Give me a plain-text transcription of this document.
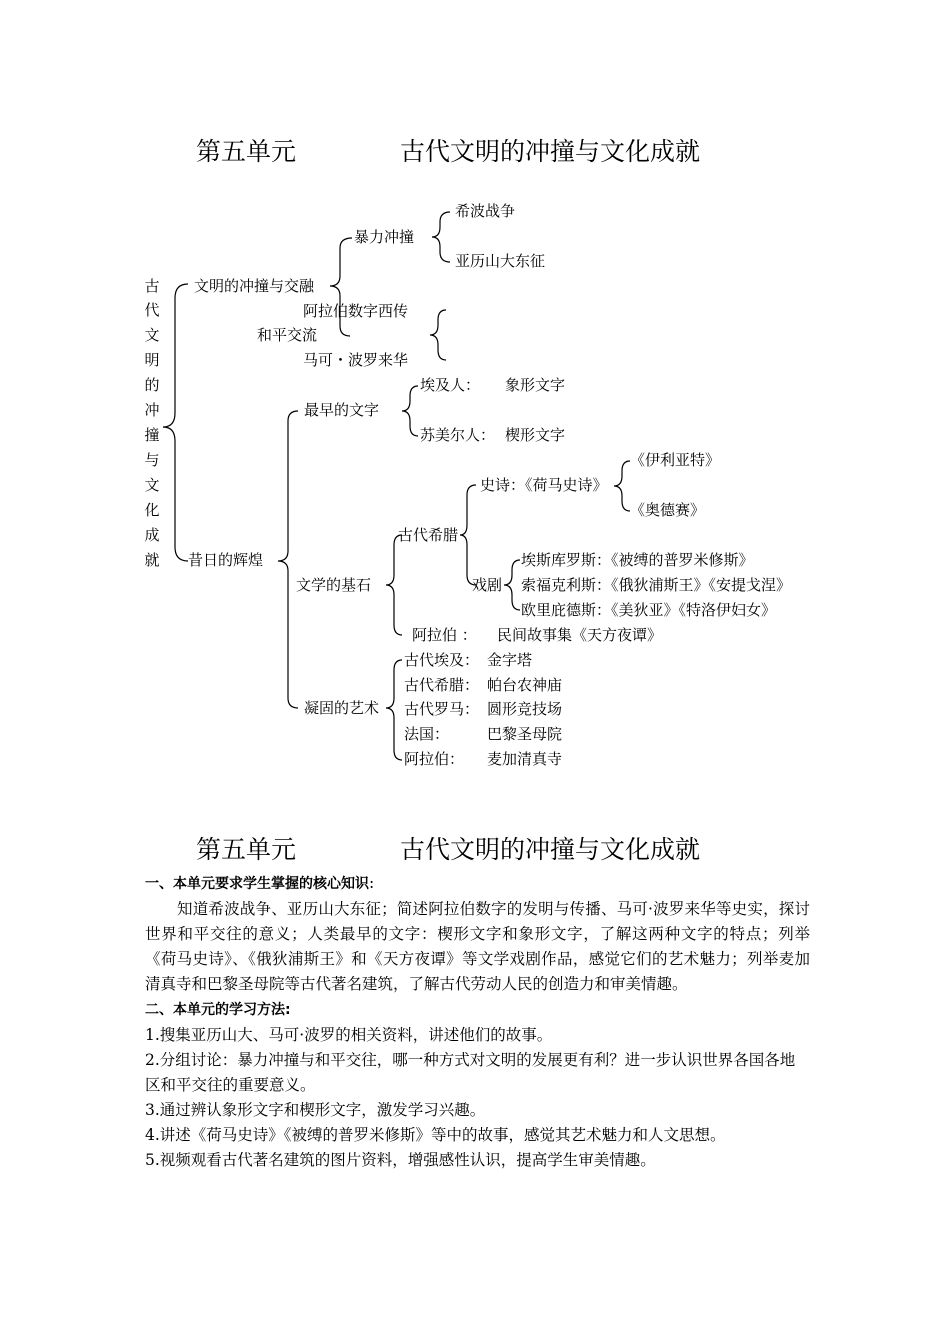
第五单元	古代文明的冲撞与文化成就
古
代
文
明
的
冲
撞
与
文
化
成
就
文明的冲撞与交融
暴力冲撞
希波战争
亚历山大东征
和平交流
阿拉伯数字西传
马可・波罗来华
昔日的辉煌
最早的文字
埃及人： 象形文字
苏美尔人： 楔形文字
文学的基石
古代希腊
史诗：《荷马史诗》
《伊利亚特》
《奥德赛》
戏剧
埃斯库罗斯：《被缚的普罗米修斯》
索福克利斯：《俄狄浦斯王》《安提戈涅》
欧里庇德斯：《美狄亚》《特洛伊妇女》
阿拉伯 ： 民间故事集《天方夜谭》
凝固的艺术
古代埃及： 金字塔
古代希腊： 帕台农神庙
古代罗马： 圆形竞技场
法国：	巴黎圣母院
阿拉伯： 麦加清真寺
第五单元	古代文明的冲撞与文化成就

一、本单元要求学生掌握的核心知识:

知道希波战争、亚历山大东征；简述阿拉伯数字的发明与传播、马可·波罗来华等史实，探讨世界和平交往的意义；人类最早的文字：楔形文字和象形文字，了解这两种文字的特点；列举《荷马史诗》、《俄狄浦斯王》和《天方夜谭》等文学戏剧作品，感觉它们的艺术魅力；列举麦加清真寺和巴黎圣母院等古代著名建筑，了解古代劳动人民的创造力和审美情趣。

二、本单元的学习方法:

1.搜集亚历山大、马可·波罗的相关资料，讲述他们的故事。

2.分组讨论：暴力冲撞与和平交往，哪一种方式对文明的发展更有利？进一步认识世界各国各地区和平交往的重要意义。

3.通过辨认象形文字和楔形文字，激发学习兴趣。

4.讲述《荷马史诗》《被缚的普罗米修斯》等中的故事，感觉其艺术魅力和人文思想。

5.视频观看古代著名建筑的图片资料，增强感性认识，提高学生审美情趣。
